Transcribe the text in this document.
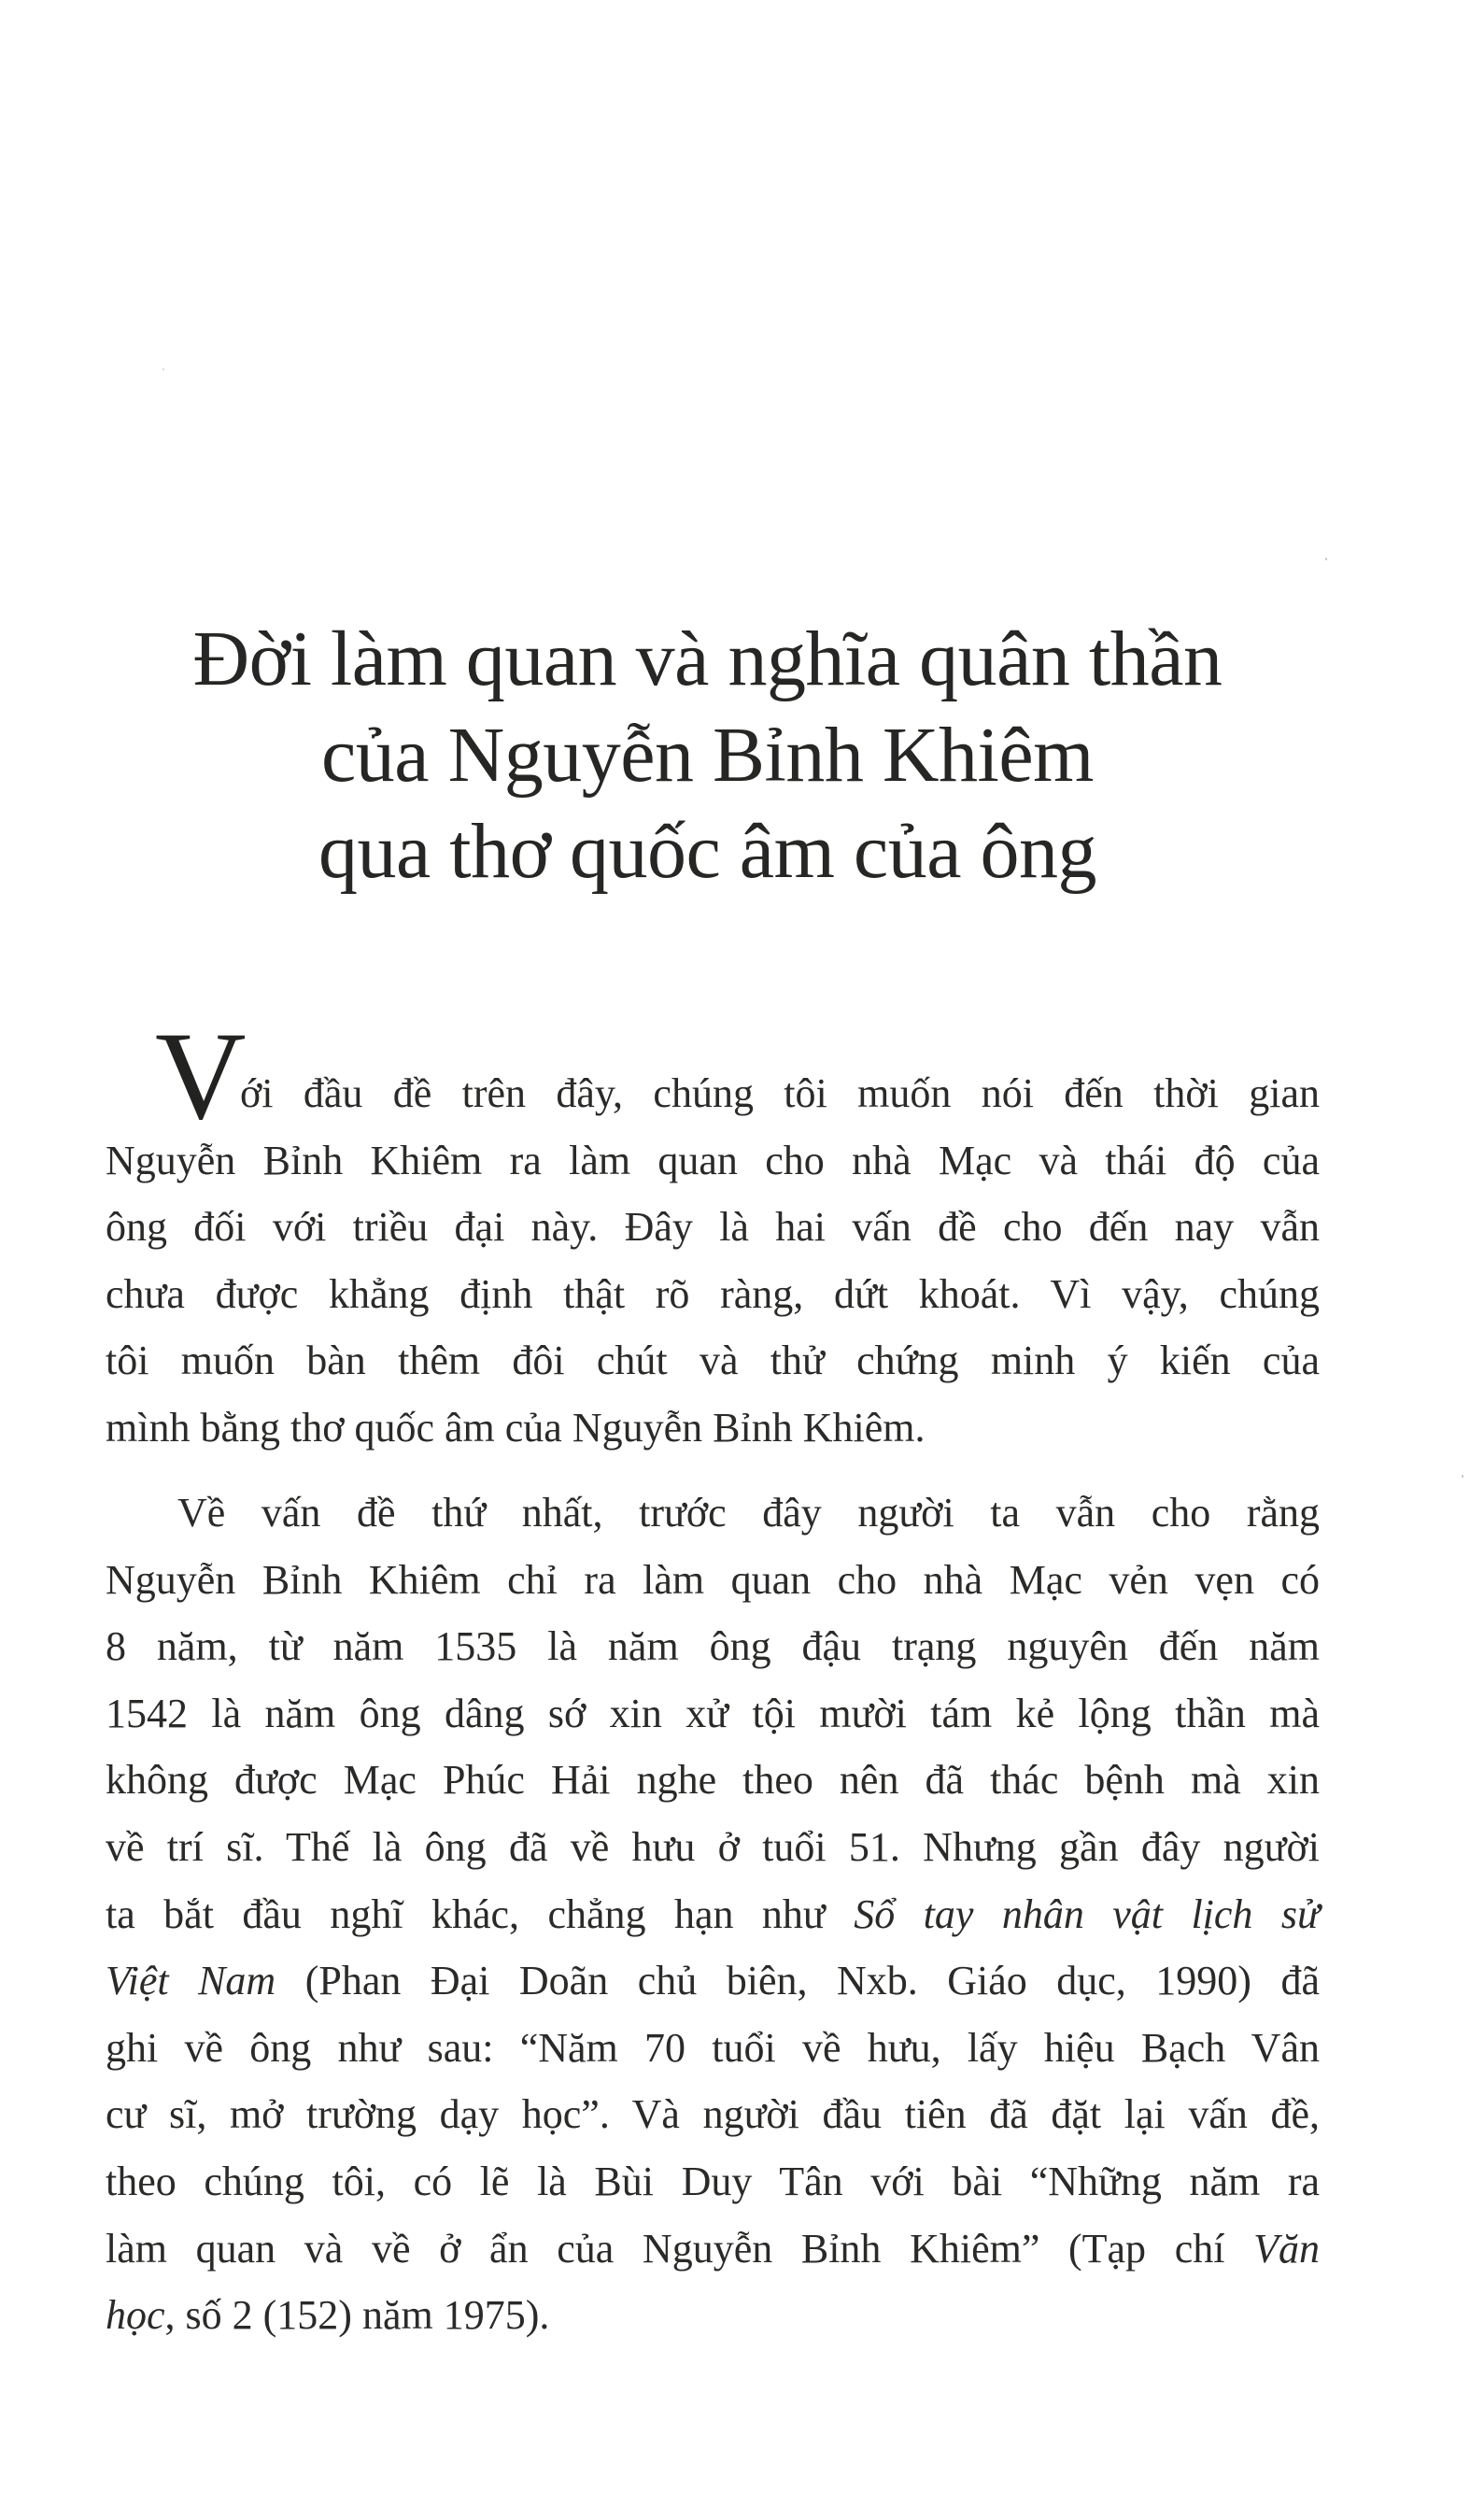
Đời làm quan và nghĩa quân thần
của Nguyễn Bỉnh Khiêm
qua thơ quốc âm của ông
V
ới đầu đề trên đây, chúng tôi muốn nói đến thời gian
Nguyễn Bỉnh Khiêm ra làm quan cho nhà Mạc và thái độ của
ông đối với triều đại này. Đây là hai vấn đề cho đến nay vẫn
chưa được khẳng định thật rõ ràng, dứt khoát. Vì vậy, chúng
tôi muốn bàn thêm đôi chút và thử chứng minh ý kiến của
mình bằng thơ quốc âm của Nguyễn Bỉnh Khiêm.
Về vấn đề thứ nhất, trước đây người ta vẫn cho rằng
Nguyễn Bỉnh Khiêm chỉ ra làm quan cho nhà Mạc vẻn vẹn có
8 năm, từ năm 1535 là năm ông đậu trạng nguyên đến năm
1542 là năm ông dâng sớ xin xử tội mười tám kẻ lộng thần mà
không được Mạc Phúc Hải nghe theo nên đã thác bệnh mà xin
về trí sĩ. Thế là ông đã về hưu ở tuổi 51. Nhưng gần đây người
ta bắt đầu nghĩ khác, chẳng hạn như Sổ tay nhân vật lịch sử
Việt Nam (Phan Đại Doãn chủ biên, Nxb. Giáo dục, 1990) đã
ghi về ông như sau: “Năm 70 tuổi về hưu, lấy hiệu Bạch Vân
cư sĩ, mở trường dạy học”. Và người đầu tiên đã đặt lại vấn đề,
theo chúng tôi, có lẽ là Bùi Duy Tân với bài “Những năm ra
làm quan và về ở ẩn của Nguyễn Bỉnh Khiêm” (Tạp chí Văn
học, số 2 (152) năm 1975).
